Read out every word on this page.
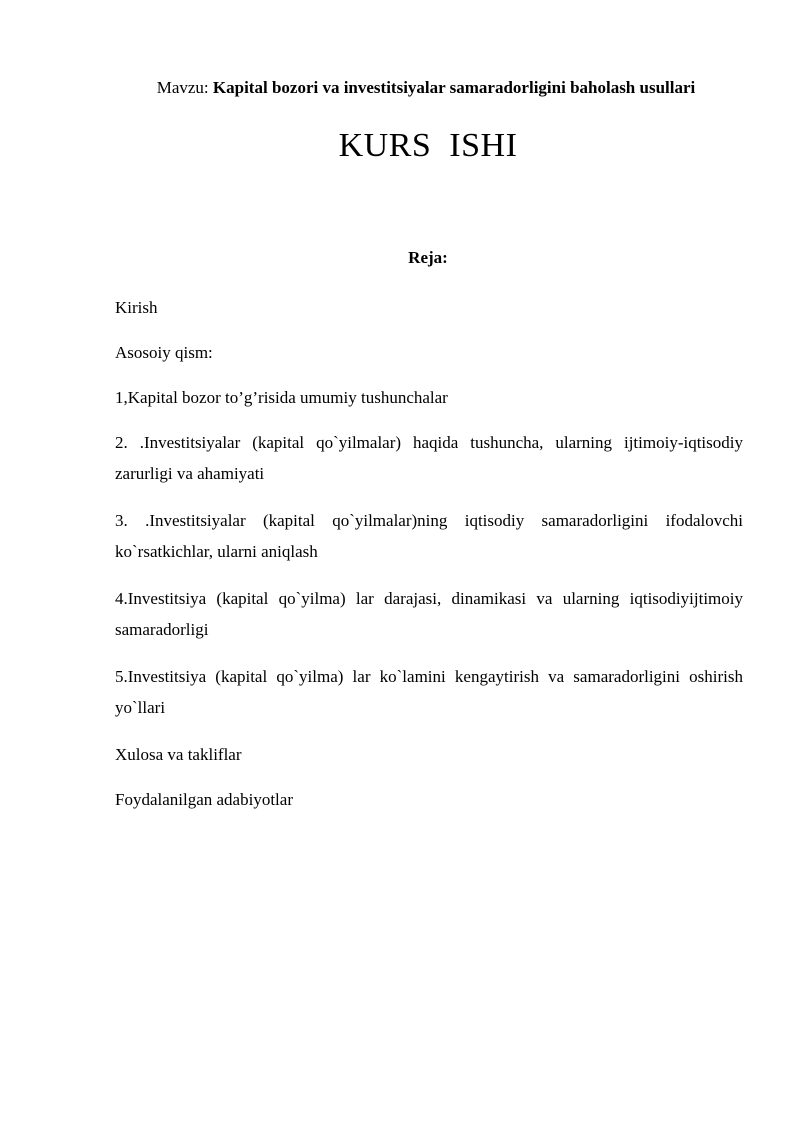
Mavzu: Kapital bozori va investitsiyalar samaradorligini baholash usullari
KURS  ISHI
Reja:
Kirish
Asosoiy qism:
1,Kapital bozor to’g’risida umumiy tushunchalar
2. .Investitsiyalar (kapital qo`yilmalar) haqida tushuncha, ularning ijtimoiy-iqtisodiy zarurligi va ahamiyati
3. .Investitsiyalar (kapital qo`yilmalar)ning iqtisodiy samaradorligini ifodalovchi ko`rsatkichlar, ularni aniqlash
4.Investitsiya (kapital qo`yilma) lar darajasi, dinamikasi va ularning iqtisodiyijtimoiy samaradorligi
5.Investitsiya (kapital qo`yilma) lar ko`lamini kengaytirish va samaradorligini oshirish yo`llari
Xulosa va takliflar
Foydalanilgan adabiyotlar
